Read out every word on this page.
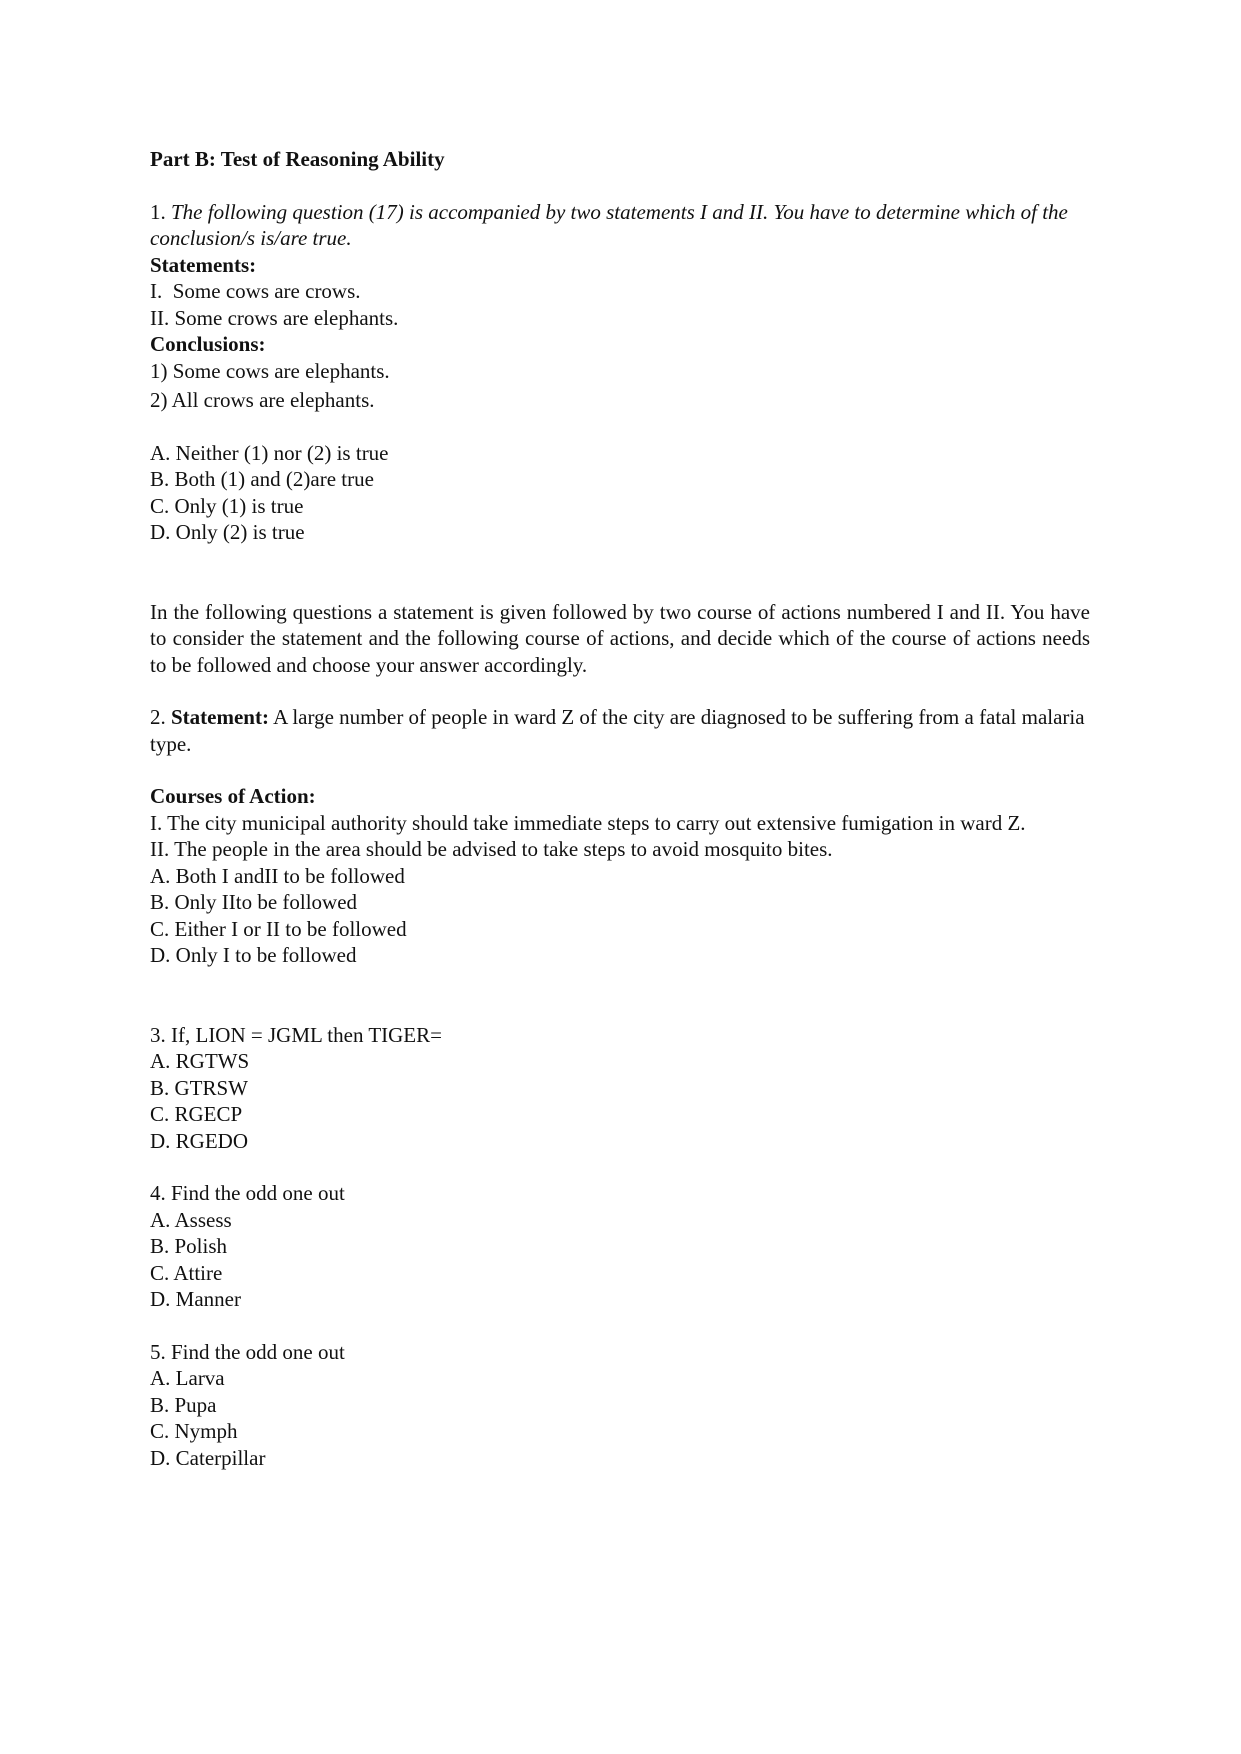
Part B: Test of Reasoning Ability
1. The following question (17) is accompanied by two statements I and II. You have to determine which of the conclusion/s is/are true.
Statements:
I.  Some cows are crows.
II. Some crows are elephants.
Conclusions:
1) Some cows are elephants.
2) All crows are elephants.
A. Neither (1) nor (2) is true
B. Both (1) and (2)are true
C. Only (1) is true
D. Only (2) is true
In the following questions a statement is given followed by two course of actions numbered I and II. You have to consider the statement and the following course of actions, and decide which of the course of actions needs to be followed and choose your answer accordingly.
2. Statement: A large number of people in ward Z of the city are diagnosed to be suffering from a fatal malaria type.
Courses of Action:
I. The city municipal authority should take immediate steps to carry out extensive fumigation in ward Z.
II. The people in the area should be advised to take steps to avoid mosquito bites.
A. Both I andII to be followed
B. Only IIto be followed
C. Either I or II to be followed
D. Only I to be followed
3. If, LION = JGML then TIGER=
A. RGTWS
B. GTRSW
C. RGECP
D. RGEDO
4. Find the odd one out
A. Assess
B. Polish
C. Attire
D. Manner
5. Find the odd one out
A. Larva
B. Pupa
C. Nymph
D. Caterpillar
